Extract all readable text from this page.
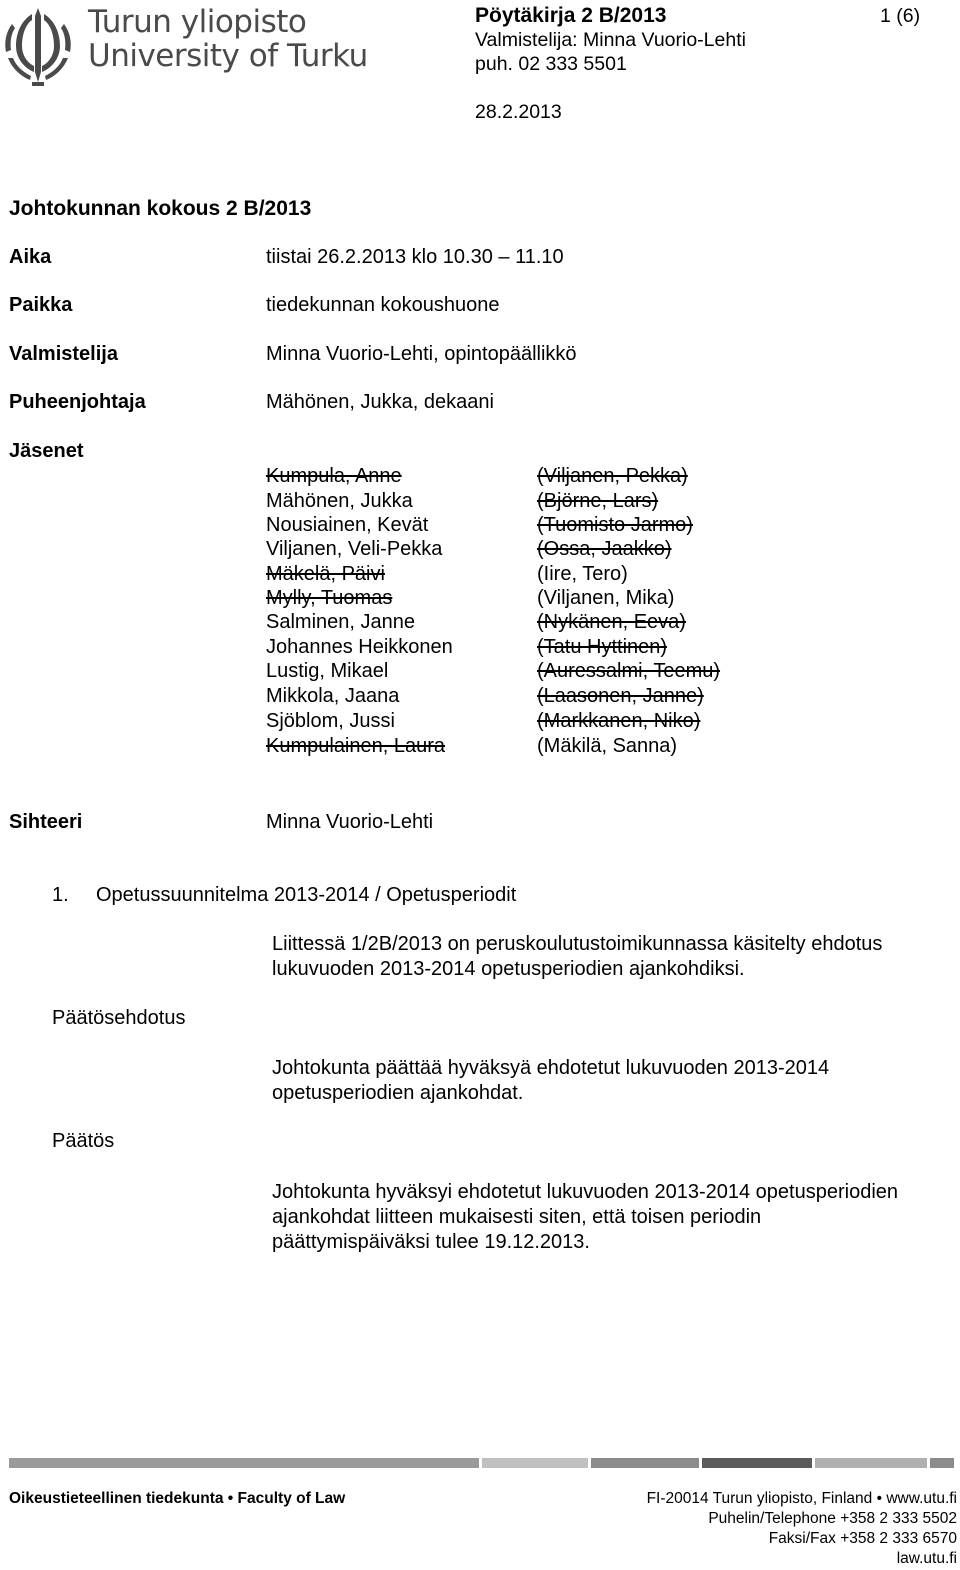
Turun yliopisto
University of Turku
Pöytäkirja 2 B/2013	1 (6)
Valmistelija: Minna Vuorio-Lehti
puh. 02 333 5501
28.2.2013
Johtokunnan kokous 2 B/2013
Aika	tiistai 26.2.2013 klo 10.30 – 11.10
Paikka	tiedekunnan kokoushuone
Valmistelija	Minna Vuorio-Lehti, opintopäällikkö
Puheenjohtaja	Mähönen, Jukka, dekaani
Jäsenet
Kumpula, Anne	(Viljanen, Pekka)
Mähönen, Jukka	(Björne, Lars)
Nousiainen, Kevät	(Tuomisto Jarmo)
Viljanen, Veli-Pekka	(Ossa, Jaakko)
Mäkelä, Päivi	(Iire, Tero)
Mylly, Tuomas	(Viljanen, Mika)
Salminen, Janne	(Nykänen, Eeva)
Johannes Heikkonen	(Tatu Hyttinen)
Lustig, Mikael	(Auressalmi, Teemu)
Mikkola, Jaana	(Laasonen, Janne)
Sjöblom, Jussi	(Markkanen, Niko)
Kumpulainen, Laura	(Mäkilä, Sanna)
Sihteeri	Minna Vuorio-Lehti
1. Opetussuunnitelma 2013-2014 / Opetusperiodit
Liittessä 1/2B/2013 on peruskoulutustoimikunnassa käsitelty ehdotus lukuvuoden 2013-2014 opetusperiodien ajankohdiksi.
Päätösehdotus
Johtokunta päättää hyväksyä ehdotetut lukuvuoden 2013-2014 opetusperiodien ajankohdat.
Päätös
Johtokunta hyväksyi ehdotetut lukuvuoden 2013-2014 opetusperiodien ajankohdat liitteen mukaisesti siten, että toisen periodin päättymispäiväksi tulee 19.12.2013.
Oikeustieteellinen tiedekunta • Faculty of Law	FI-20014 Turun yliopisto, Finland • www.utu.fi
Puhelin/Telephone +358 2 333 5502
Faksi/Fax +358 2 333 6570
law.utu.fi
